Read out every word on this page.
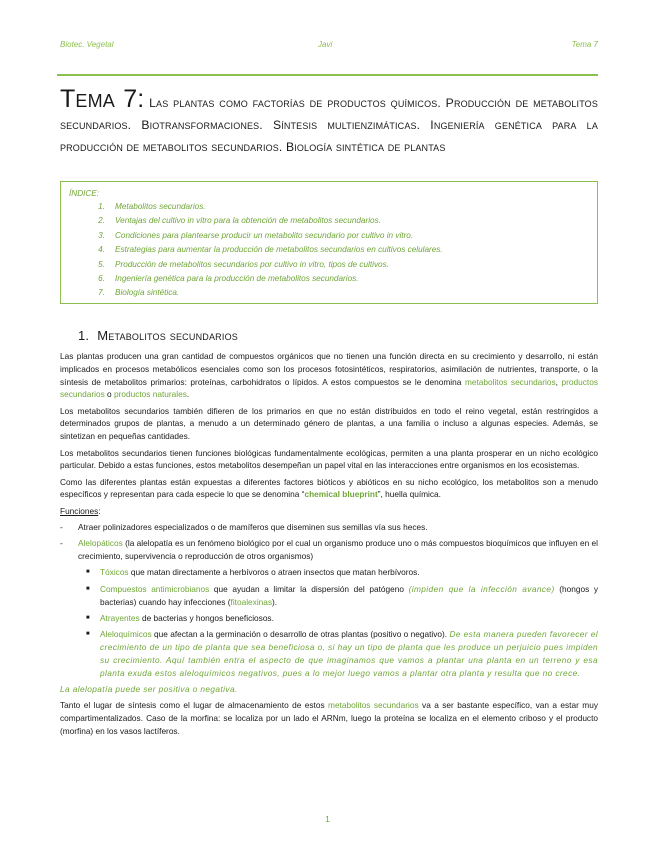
Biotec. Vegetal	Javi	Tema 7
Tema 7: Las plantas como factorías de productos químicos. Producción de metabolitos secundarios. Biotransformaciones. Síntesis multienzimáticas. Ingeniería genética para la producción de metabolitos secundarios. Biología sintética de plantas
ÍNDICE:
1. Metabolitos secundarios.
2. Ventajas del cultivo in vitro para la obtención de metabolitos secundarios.
3. Condiciones para plantearse producir un metabolito secundario por cultivo in vitro.
4. Estrategias para aumentar la producción de metabolitos secundarios en cultivos celulares.
5. Producción de metabolitos secundarios por cultivo in vitro, tipos de cultivos.
6. Ingeniería genética para la producción de metabolitos secundarios.
7. Biología sintética.
1. Metabolitos secundarios

Las plantas producen una gran cantidad de compuestos orgánicos que no tienen una función directa en su crecimiento y desarrollo, ni están implicados en procesos metabólicos esenciales como son los procesos fotosintéticos, respiratorios, asimilación de nutrientes, transporte, o la síntesis de metabolitos primarios: proteínas, carbohidratos o lípidos. A estos compuestos se le denomina metabolitos secundarios, productos secundarios o productos naturales.

Los metabolitos secundarios también difieren de los primarios en que no están distribuidos en todo el reino vegetal, están restringidos a determinados grupos de plantas, a menudo a un determinado género de plantas, a una familia o incluso a algunas especies. Además, se sintetizan en pequeñas cantidades.

Los metabolitos secundarios tienen funciones biológicas fundamentalmente ecológicas, permiten a una planta prosperar en un nicho ecológico particular. Debido a estas funciones, estos metabolitos desempeñan un papel vital en las interacciones entre organismos en los ecosistemas.

Como las diferentes plantas están expuestas a diferentes factores bióticos y abióticos en su nicho ecológico, los metabolitos son a menudo específicos y representan para cada especie lo que se denomina “chemical blueprint”, huella química.

Funciones:

- Atraer polinizadores especializados o de mamíferos que diseminen sus semillas vía sus heces.

- Alelopáticos (la alelopatía es un fenómeno biológico por el cual un organismo produce uno o más compuestos bioquímicos que influyen en el crecimiento, supervivencia o reproducción de otros organismos)

■ Tóxicos que matan directamente a herbívoros o atraen insectos que matan herbívoros.

■ Compuestos antimicrobianos que ayudan a limitar la dispersión del patógeno (impiden que la infección avance) (hongos y bacterias) cuando hay infecciones (fitoalexinas).

■ Atrayentes de bacterias y hongos beneficiosos.

■ Aleloquímicos que afectan a la germinación o desarrollo de otras plantas (positivo o negativo). De esta manera pueden favorecer el crecimiento de un tipo de planta que sea beneficiosa o, si hay un tipo de planta que les produce un perjuicio pues impiden su crecimiento. Aquí también entra el aspecto de que imaginamos que vamos a plantar una planta en un terreno y esa planta exuda estos aleloquímicos negativos, pues a lo mejor luego vamos a plantar otra planta y resulta que no crece.

La alelopatía puede ser positiva o negativa.

Tanto el lugar de síntesis como el lugar de almacenamiento de estos metabolitos secundarios va a ser bastante específico, van a estar muy compartimentalizados. Caso de la morfina: se localiza por un lado el ARNm, luego la proteína se localiza en el elemento criboso y el producto (morfina) en los vasos lactíferos.

1
